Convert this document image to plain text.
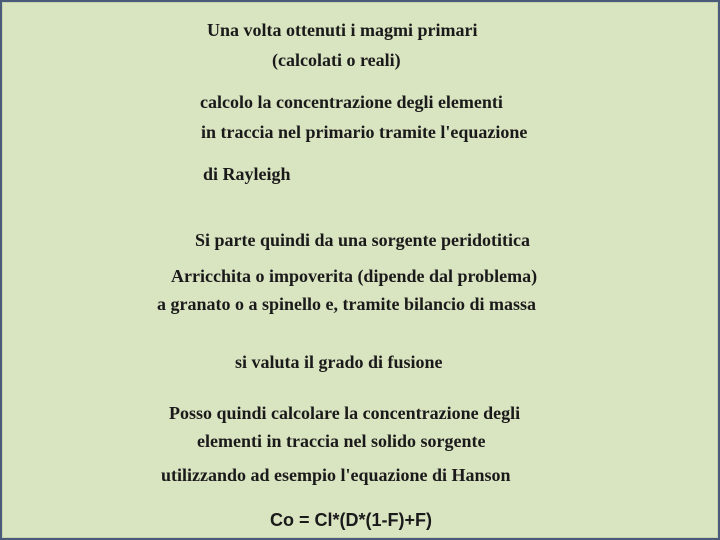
Una volta ottenuti i magmi primari
(calcolati o reali)
calcolo la concentrazione degli elementi
in traccia nel primario tramite l'equazione
di Rayleigh
Si parte quindi da una sorgente peridotitica
Arricchita o impoverita (dipende dal problema)
a granato o a spinello e, tramite bilancio di massa
si valuta il grado di fusione
Posso quindi calcolare la concentrazione degli
elementi in traccia nel solido sorgente
utilizzando ad esempio l'equazione di Hanson
Co = Cl*(D*(1-F)+F)
